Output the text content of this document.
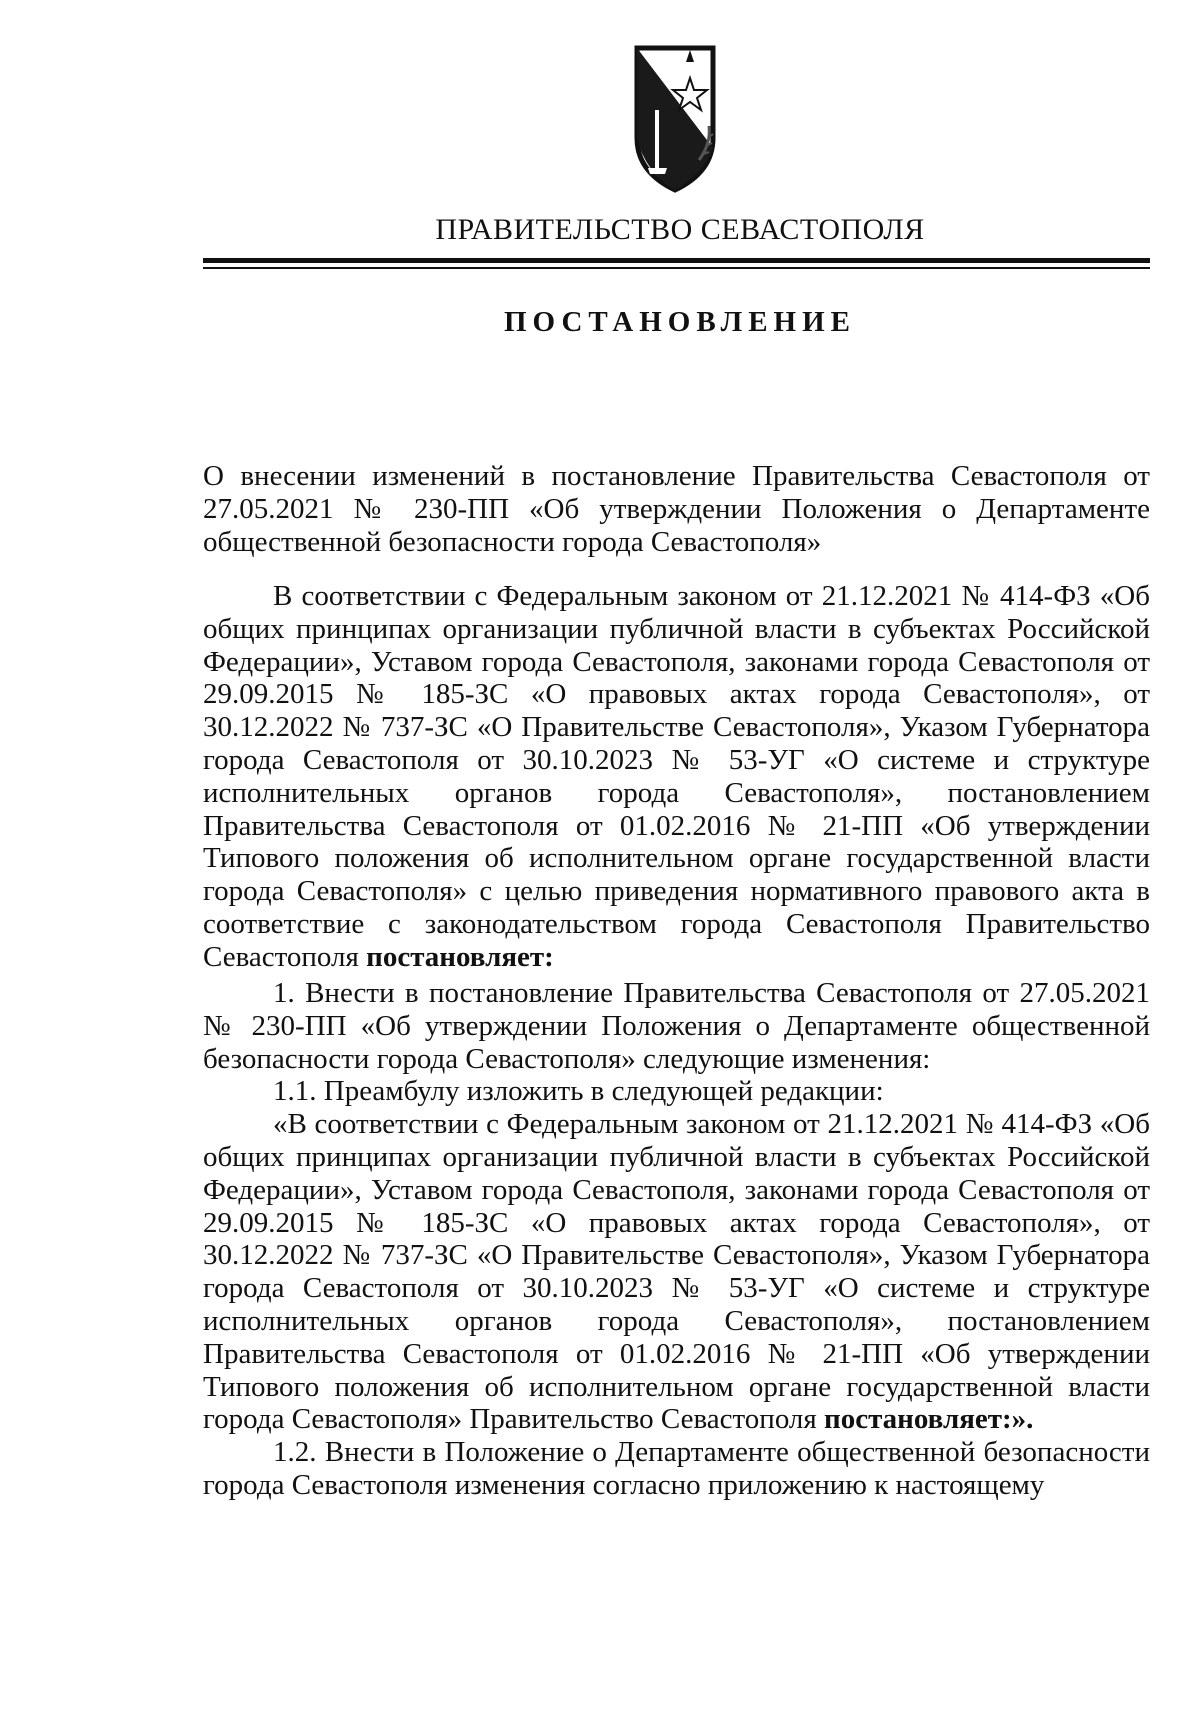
ПРАВИТЕЛЬСТВО СЕВАСТОПОЛЯ
ПОСТАНОВЛЕНИЕ

О внесении изменений в постановление Правительства Севастополя от 27.05.2021 № 230-ПП «Об утверждении Положения о Департаменте общественной безопасности города Севастополя»

В соответствии с Федеральным законом от 21.12.2021 № 414-ФЗ «Об общих принципах организации публичной власти в субъектах Российской Федерации», Уставом города Севастополя, законами города Севастополя от 29.09.2015 № 185-ЗС «О правовых актах города Севастополя», от 30.12.2022 № 737-ЗС «О Правительстве Севастополя», Указом Губернатора города Севастополя от 30.10.2023 № 53-УГ «О системе и структуре исполнительных органов города Севастополя», постановлением Правительства Севастополя от 01.02.2016 № 21-ПП «Об утверждении Типового положения об исполнительном органе государственной власти города Севастополя» с целью приведения нормативного правового акта в соответствие с законодательством города Севастополя Правительство Севастополя постановляет:

1. Внести в постановление Правительства Севастополя от 27.05.2021 № 230-ПП «Об утверждении Положения о Департаменте общественной безопасности города Севастополя» следующие изменения:

1.1. Преамбулу изложить в следующей редакции:

«В соответствии с Федеральным законом от 21.12.2021 № 414-ФЗ «Об общих принципах организации публичной власти в субъектах Российской Федерации», Уставом города Севастополя, законами города Севастополя от 29.09.2015 № 185-ЗС «О правовых актах города Севастополя», от 30.12.2022 № 737-ЗС «О Правительстве Севастополя», Указом Губернатора города Севастополя от 30.10.2023 № 53-УГ «О системе и структуре исполнительных органов города Севастополя», постановлением Правительства Севастополя от 01.02.2016 № 21-ПП «Об утверждении Типового положения об исполнительном органе государственной власти города Севастополя» Правительство Севастополя постановляет:».

1.2. Внести в Положение о Департаменте общественной безопасности города Севастополя изменения согласно приложению к настоящему
